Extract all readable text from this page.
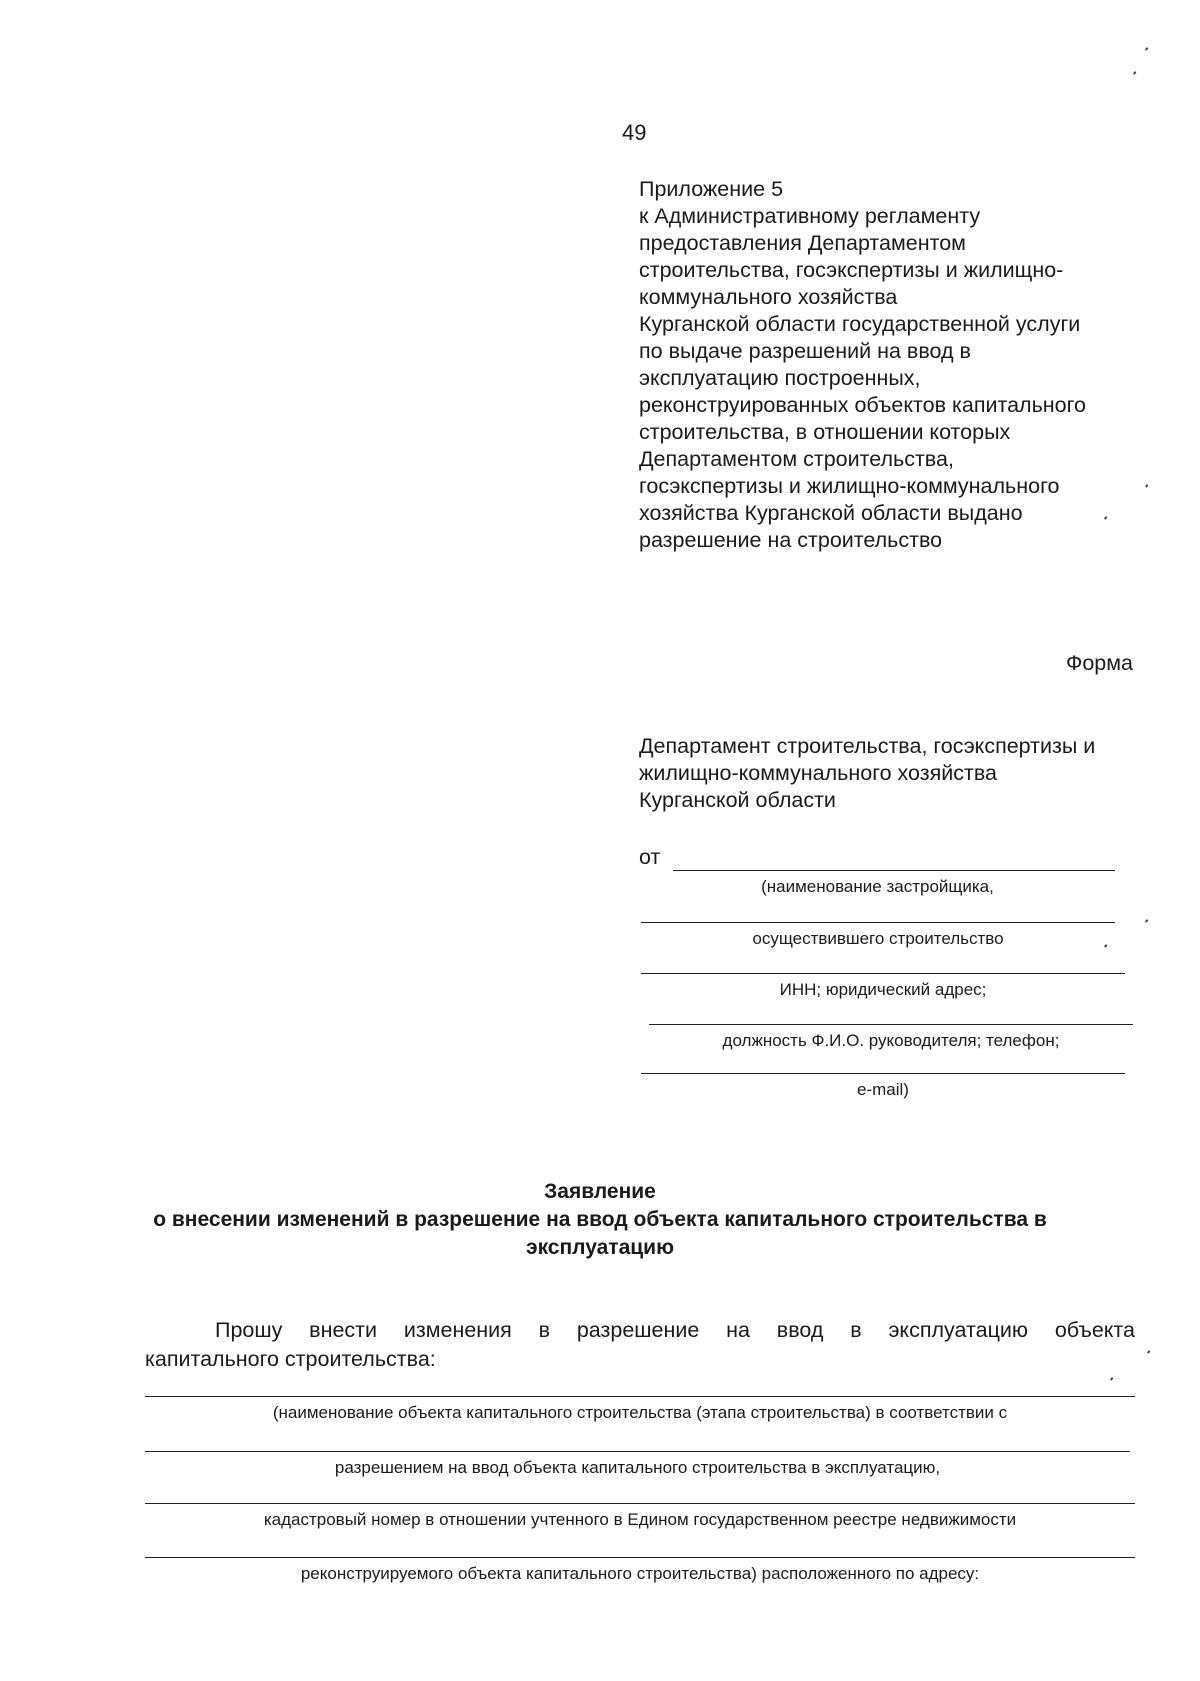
49
Приложение 5
к Административному регламенту
предоставления Департаментом
строительства, госэкспертизы и жилищно-
коммунального хозяйства
Курганской области государственной услуги
по выдаче разрешений на ввод в
эксплуатацию построенных,
реконструированных объектов капитального
строительства, в отношении которых
Департаментом строительства,
госэкспертизы и жилищно-коммунального
хозяйства Курганской области выдано
разрешение на строительство
Форма
Департамент строительства, госэкспертизы и
жилищно-коммунального хозяйства
Курганской области
от
(наименование застройщика,
осуществившего строительство
ИНН; юридический адрес;
должность Ф.И.О. руководителя; телефон;
e-mail)
Заявление
о внесении изменений в разрешение на ввод объекта капитального строительства в
эксплуатацию
Прошу внести изменения в разрешение на ввод в эксплуатацию объекта
капитального строительства:
(наименование объекта капитального строительства (этапа строительства) в соответствии с
разрешением на ввод объекта капитального строительства в эксплуатацию,
кадастровый номер в отношении учтенного в Едином государственном реестре недвижимости
реконструируемого объекта капитального строительства) расположенного по адресу:
